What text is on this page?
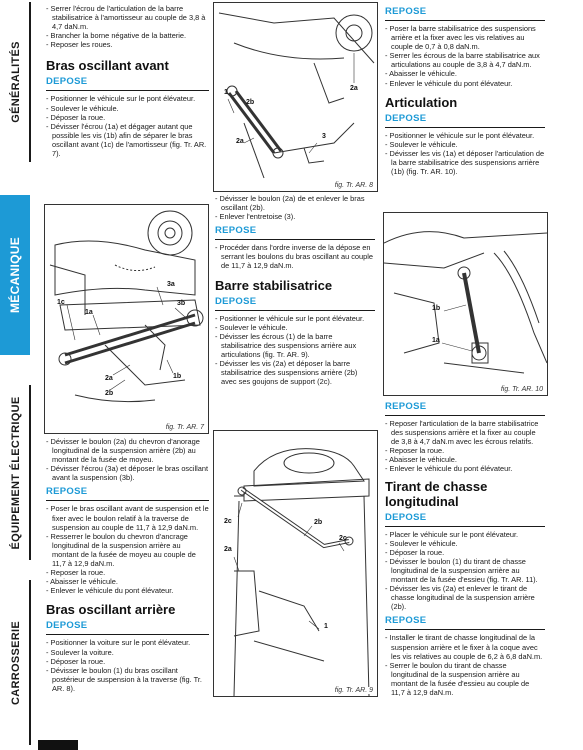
GÉNÉRALITÉS
MÉCANIQUE
ÉQUIPEMENT ÉLECTRIQUE
CARROSSERIE

- Serrer l'écrou de l'articulation de la barre stabilisatrice à l'amortisseur au couple de 3,8 à 4,7 daN.m.

- Brancher la borne négative de la batterie.

- Reposer les roues.

Bras oscillant avant

DEPOSE

- Positionner le véhicule sur le pont élévateur.

- Soulever le véhicule.

- Déposer la roue.

- Dévisser l'écrou (1a) et dégager autant que possible les vis (1b) afin de séparer le bras oscillant avant (1c) de l'amortisseur (fig. Tr. AR. 7).

1c
1a
3a
3b
2a
2b
1b
fig. Tr. AR. 7

- Dévisser le boulon (2a) du chevron d'anorage longitudinal de la suspension arrière (2b) au montant de la fusée de moyeu.

- Dévisser l'écrou (3a) et déposer le bras oscillant avant la suspension (3b).

REPOSE

- Poser le bras oscillant avant de suspension et le fixer avec le boulon relatif à la traverse de suspension au couple de 11,7 à 12,9 daN.m.

- Resserrer le boulon du chevron d'ancrage longitudinal de la suspension arrière au montant de la fusée de moyeu au couple de 11,7 à 12,9 daN.m.

- Reposer la roue.

- Abaisser le véhicule.

- Enlever le véhicule du pont élévateur.

Bras oscillant arrière

DEPOSE

- Positionner la voiture sur le pont élévateur.

- Soulever la voiture.

- Déposer la roue.

- Dévisser le boulon (1) du bras oscillant postérieur de suspension à la traverse (fig. Tr. AR. 8).

2a
1
2b
3
2a
fig. Tr. AR. 8

- Dévisser le boulon (2a) de et enlever le bras oscillant (2b).

- Enlever l'entretoise (3).

REPOSE

- Procéder dans l'ordre inverse de la dépose en serrant les boulons du bras oscillant au couple de 11,7 à 12,9 daN.m.

Barre stabilisatrice

DEPOSE

- Positionner le véhicule sur le pont élévateur.

- Soulever le véhicule.

- Dévisser les écrous (1) de la barre stabilisatrice des suspensions arrière aux articulations (fig. Tr. AR. 9).

- Dévisser les vis (2a) et déposer la barre stabilisatrice des suspensions arrière (2b) avec ses goujons de support (2c).

2b
2c
2c
2a
1
fig. Tr. AR. 9

REPOSE

- Poser la barre stabilisatrice des suspensions arrière et la fixer avec les vis relatives au couple de 0,7 à 0,8 daN.m.

- Serrer les écrous de la barre stabilisatrice aux articulations au couple de 3,8 à 4,7 daN.m.

- Abaisser le véhicule.

- Enlever le véhicule du pont élévateur.

Articulation

DEPOSE

- Positionner le véhicule sur le pont élévateur.

- Soulever le véhicule.

- Dévisser les vis (1a) et déposer l'articulation de la barre stabilisatrice des suspensions arrière (1b) (fig. Tr. AR. 10).

1b
1a
fig. Tr. AR. 10

REPOSE

- Reposer l'articulation de la barre stabilisatrice des suspensions arrière et la fixer au couple de 3,8 à 4,7 daN.m avec les écrous relatifs.

- Reposer la roue.

- Abaisser le véhicule.

- Enlever le véhicule du pont élévateur.

Tirant de chasse longitudinal

DEPOSE

- Placer le véhicule sur le pont élévateur.

- Soulever le véhicule.

- Déposer la roue.

- Dévisser le boulon (1) du tirant de chasse longitudinal de la suspension arrière au montant de la fusée d'essieu (fig. Tr. AR. 11).

- Dévisser les vis (2a) et enlever le tirant de chasse longitudinal de la suspension arrière (2b).

REPOSE

- Installer le tirant de chasse longitudinal de la suspension arrière et le fixer à la coque avec les vis relatives au couple de 6,2 à 6,8 daN.m.

- Serrer le boulon du tirant de chasse longitudinal de la suspension arrière au montant de la fusée d'essieu au couple de 11,7 à 12,9 daN.m.
